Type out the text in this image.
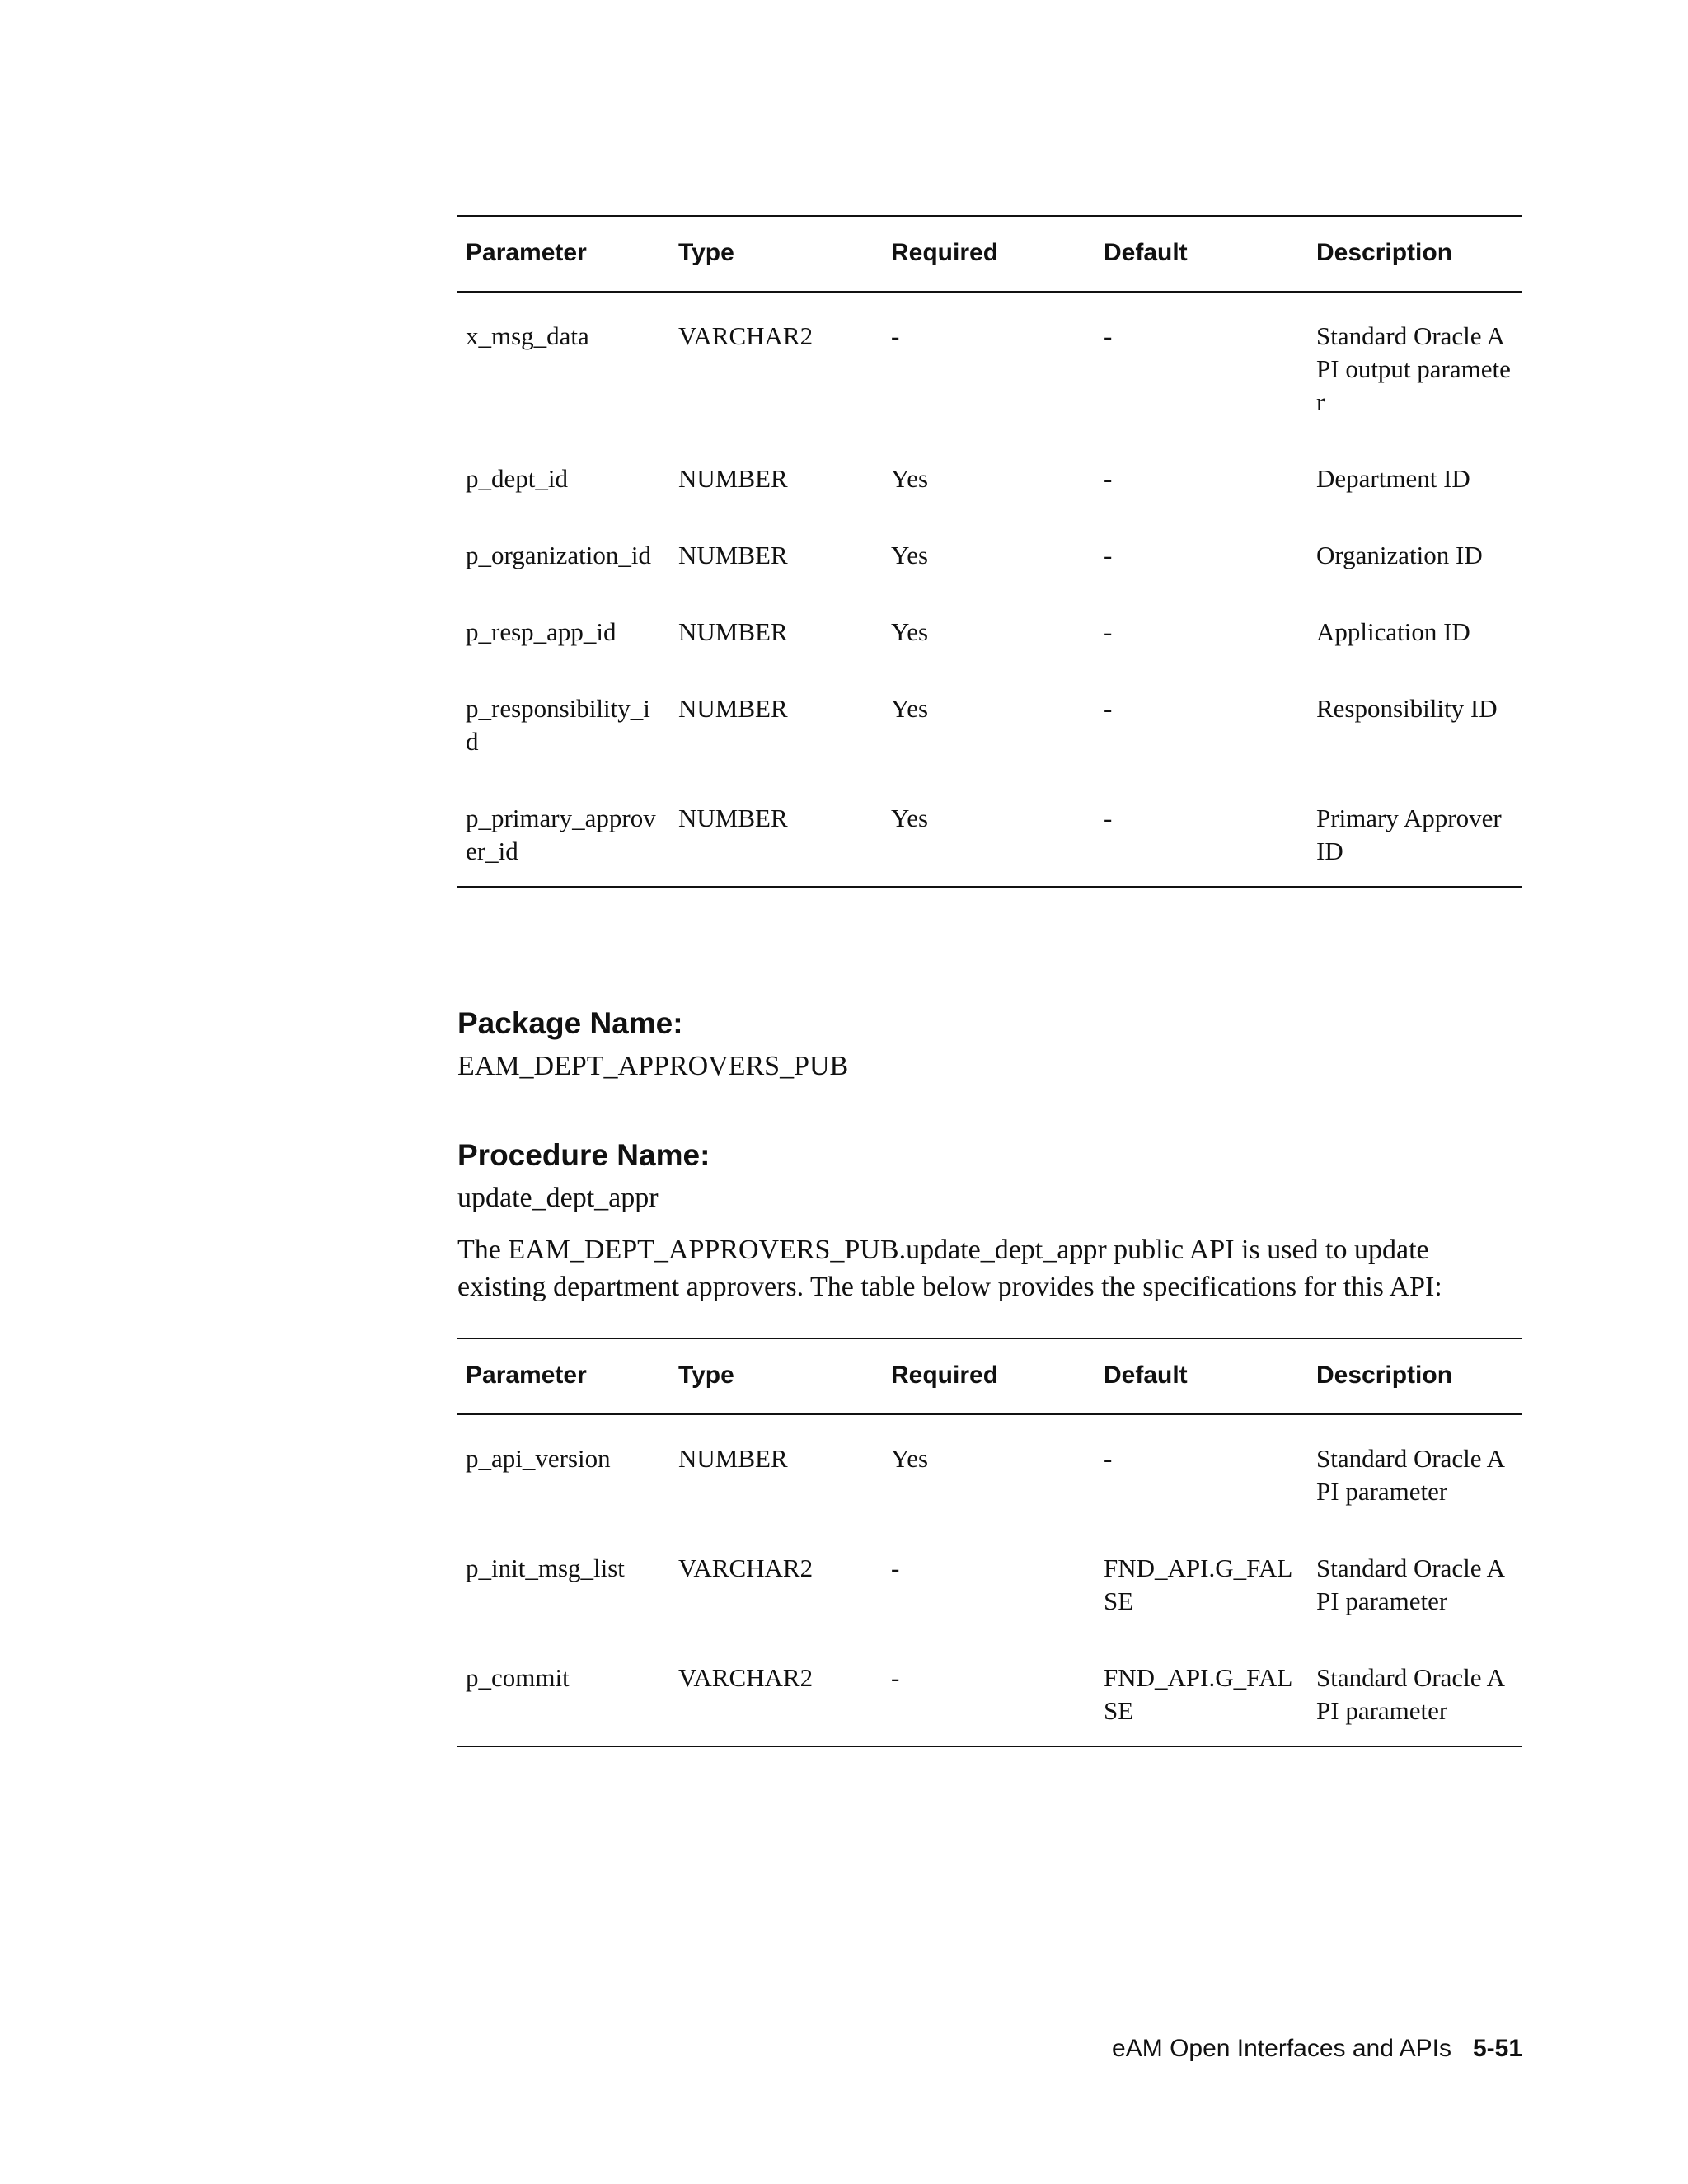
Parameter	Type	Required	Default	Description
x_msg_data	VARCHAR2	-	-	Standard Oracle API output parameter
p_dept_id	NUMBER	Yes	-	Department ID
p_organization_id	NUMBER	Yes	-	Organization ID
p_resp_app_id	NUMBER	Yes	-	Application ID
p_responsibility_id	NUMBER	Yes	-	Responsibility ID
p_primary_approver_id	NUMBER	Yes	-	Primary Approver ID

Package Name:

EAM_DEPT_APPROVERS_PUB

Procedure Name:

update_dept_appr

The EAM_DEPT_APPROVERS_PUB.update_dept_appr public API is used to update existing department approvers. The table below provides the specifications for this API:

Parameter	Type	Required	Default	Description
p_api_version	NUMBER	Yes	-	Standard Oracle API parameter
p_init_msg_list	VARCHAR2	-	FND_API.G_FALSE	Standard Oracle API parameter
p_commit	VARCHAR2	-	FND_API.G_FALSE	Standard Oracle API parameter
eAM Open Interfaces and APIs 5-51
